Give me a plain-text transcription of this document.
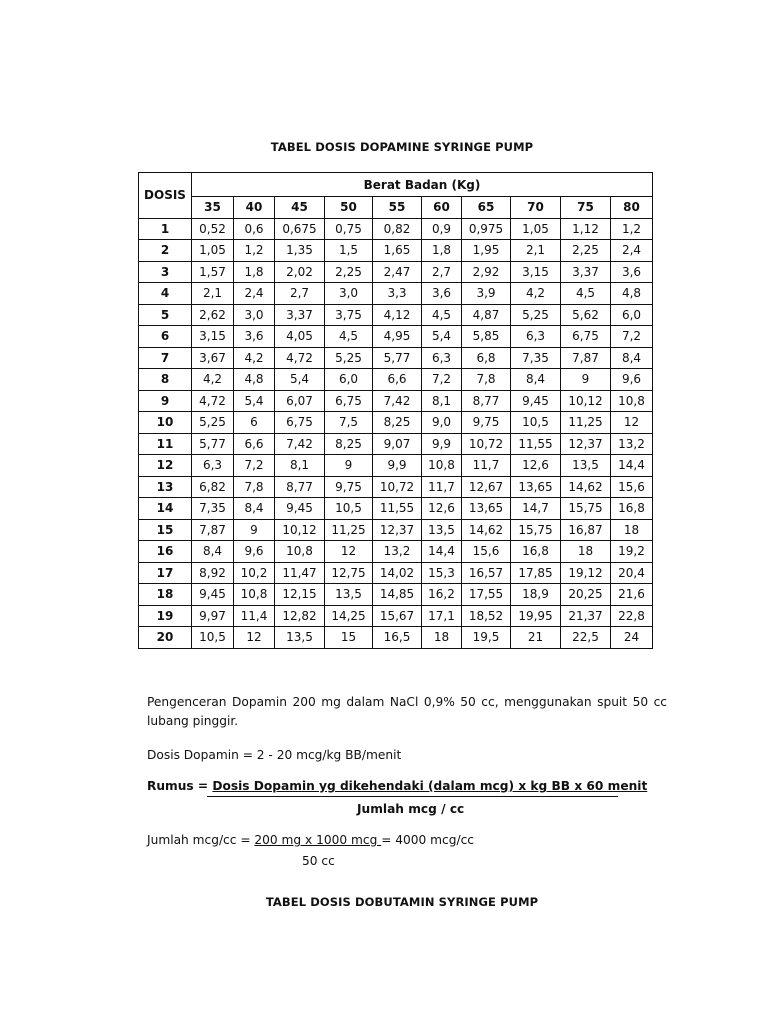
TABEL DOSIS DOPAMINE SYRINGE PUMP
DOSIS	Berat Badan (Kg)									
	35	40	45	50	55	60	65	70	75	80
1	0,52	0,6	0,675	0,75	0,82	0,9	0,975	1,05	1,12	1,2
2	1,05	1,2	1,35	1,5	1,65	1,8	1,95	2,1	2,25	2,4
3	1,57	1,8	2,02	2,25	2,47	2,7	2,92	3,15	3,37	3,6
4	2,1	2,4	2,7	3,0	3,3	3,6	3,9	4,2	4,5	4,8
5	2,62	3,0	3,37	3,75	4,12	4,5	4,87	5,25	5,62	6,0
6	3,15	3,6	4,05	4,5	4,95	5,4	5,85	6,3	6,75	7,2
7	3,67	4,2	4,72	5,25	5,77	6,3	6,8	7,35	7,87	8,4
8	4,2	4,8	5,4	6,0	6,6	7,2	7,8	8,4	9	9,6
9	4,72	5,4	6,07	6,75	7,42	8,1	8,77	9,45	10,12	10,8
10	5,25	6	6,75	7,5	8,25	9,0	9,75	10,5	11,25	12
11	5,77	6,6	7,42	8,25	9,07	9,9	10,72	11,55	12,37	13,2
12	6,3	7,2	8,1	9	9,9	10,8	11,7	12,6	13,5	14,4
13	6,82	7,8	8,77	9,75	10,72	11,7	12,67	13,65	14,62	15,6
14	7,35	8,4	9,45	10,5	11,55	12,6	13,65	14,7	15,75	16,8
15	7,87	9	10,12	11,25	12,37	13,5	14,62	15,75	16,87	18
16	8,4	9,6	10,8	12	13,2	14,4	15,6	16,8	18	19,2
17	8,92	10,2	11,47	12,75	14,02	15,3	16,57	17,85	19,12	20,4
18	9,45	10,8	12,15	13,5	14,85	16,2	17,55	18,9	20,25	21,6
19	9,97	11,4	12,82	14,25	15,67	17,1	18,52	19,95	21,37	22,8
20	10,5	12	13,5	15	16,5	18	19,5	21	22,5	24
Pengenceran Dopamin 200 mg dalam NaCl 0,9% 50 cc, menggunakan spuit 50 cc lubang pinggir.
Dosis Dopamin = 2 - 20 mcg/kg BB/menit
Rumus = Dosis Dopamin yg dikehendaki (dalam mcg) x kg BB x 60 menit
Jumlah mcg / cc
Jumlah mcg/cc = 200 mg x 1000 mcg = 4000 mcg/cc
50 cc
TABEL DOSIS DOBUTAMIN SYRINGE PUMP
